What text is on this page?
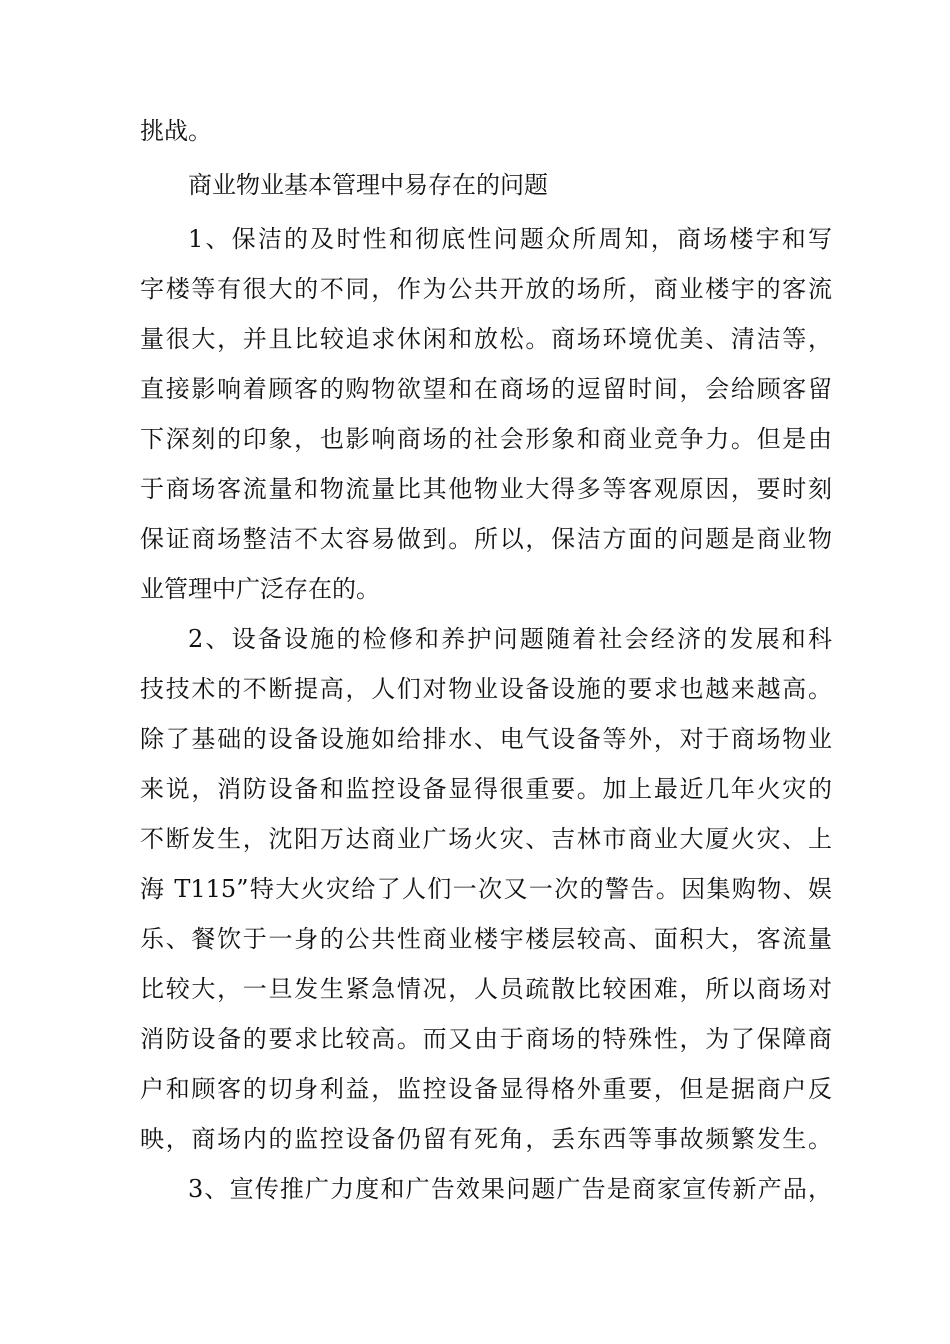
挑战。
商业物业基本管理中易存在的问题
1、保洁的及时性和彻底性问题众所周知，商场楼宇和写
字楼等有很大的不同，作为公共开放的场所，商业楼宇的客流
量很大，并且比较追求休闲和放松。商场环境优美、清洁等，
直接影响着顾客的购物欲望和在商场的逗留时间，会给顾客留
下深刻的印象，也影响商场的社会形象和商业竞争力。但是由
于商场客流量和物流量比其他物业大得多等客观原因，要时刻
保证商场整洁不太容易做到。所以，保洁方面的问题是商业物
业管理中广泛存在的。
2、设备设施的检修和养护问题随着社会经济的发展和科
技技术的不断提高，人们对物业设备设施的要求也越来越高。
除了基础的设备设施如给排水、电气设备等外，对于商场物业
来说，消防设备和监控设备显得很重要。加上最近几年火灾的
不断发生，沈阳万达商业广场火灾、吉林市商业大厦火灾、上
海 T115”特大火灾给了人们一次又一次的警告。因集购物、娱
乐、餐饮于一身的公共性商业楼宇楼层较高、面积大，客流量
比较大，一旦发生紧急情况，人员疏散比较困难，所以商场对
消防设备的要求比较高。而又由于商场的特殊性，为了保障商
户和顾客的切身利益，监控设备显得格外重要，但是据商户反
映，商场内的监控设备仍留有死角，丢东西等事故频繁发生。
3、宣传推广力度和广告效果问题广告是商家宣传新产品，
